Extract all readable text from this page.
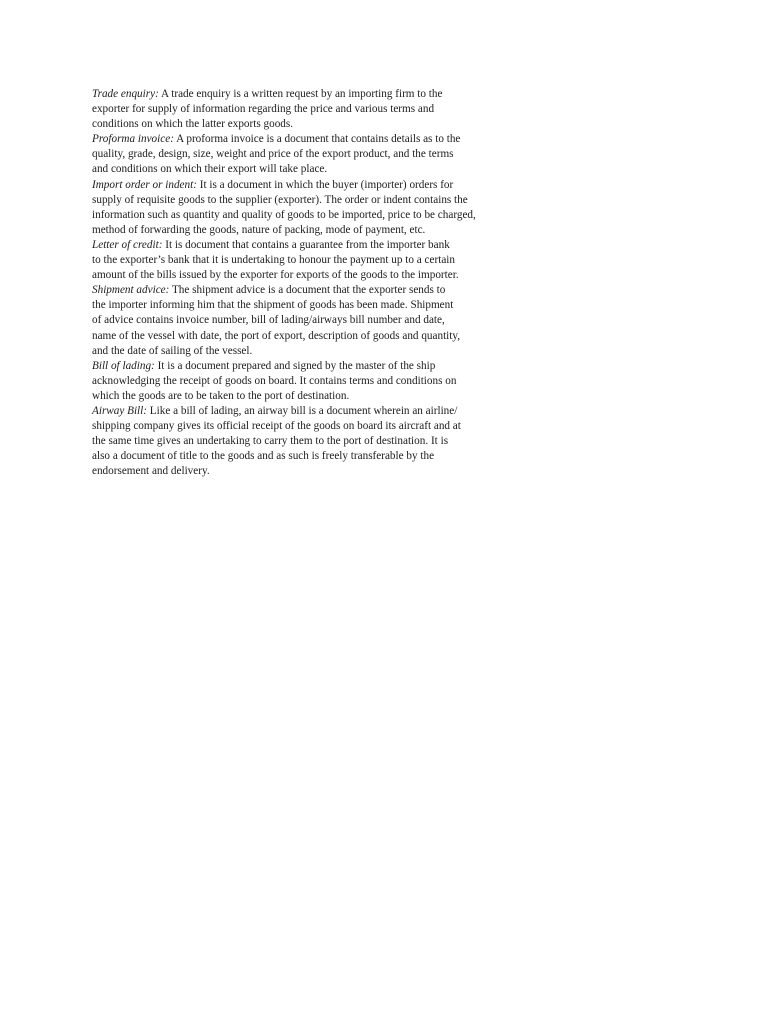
Trade enquiry: A trade enquiry is a written request by an importing firm to the
exporter for supply of information regarding the price and various terms and
conditions on which the latter exports goods.
Proforma invoice: A proforma invoice is a document that contains details as to the
quality, grade, design, size, weight and price of the export product, and the terms
and conditions on which their export will take place.
Import order or indent: It is a document in which the buyer (importer) orders for
supply of requisite goods to the supplier (exporter). The order or indent contains the
information such as quantity and quality of goods to be imported, price to be charged,
method of forwarding the goods, nature of packing, mode of payment, etc.
Letter of credit: It is document that contains a guarantee from the importer bank
to the exporter’s bank that it is undertaking to honour the payment up to a certain
amount of the bills issued by the exporter for exports of the goods to the importer.
Shipment advice: The shipment advice is a document that the exporter sends to
the importer informing him that the shipment of goods has been made. Shipment
of advice contains invoice number, bill of lading/airways bill number and date,
name of the vessel with date, the port of export, description of goods and quantity,
and the date of sailing of the vessel.
Bill of lading: It is a document prepared and signed by the master of the ship
acknowledging the receipt of goods on board. It contains terms and conditions on
which the goods are to be taken to the port of destination.
Airway Bill: Like a bill of lading, an airway bill is a document wherein an airline/
shipping company gives its official receipt of the goods on board its aircraft and at
the same time gives an undertaking to carry them to the port of destination. It is
also a document of title to the goods and as such is freely transferable by the
endorsement and delivery.
